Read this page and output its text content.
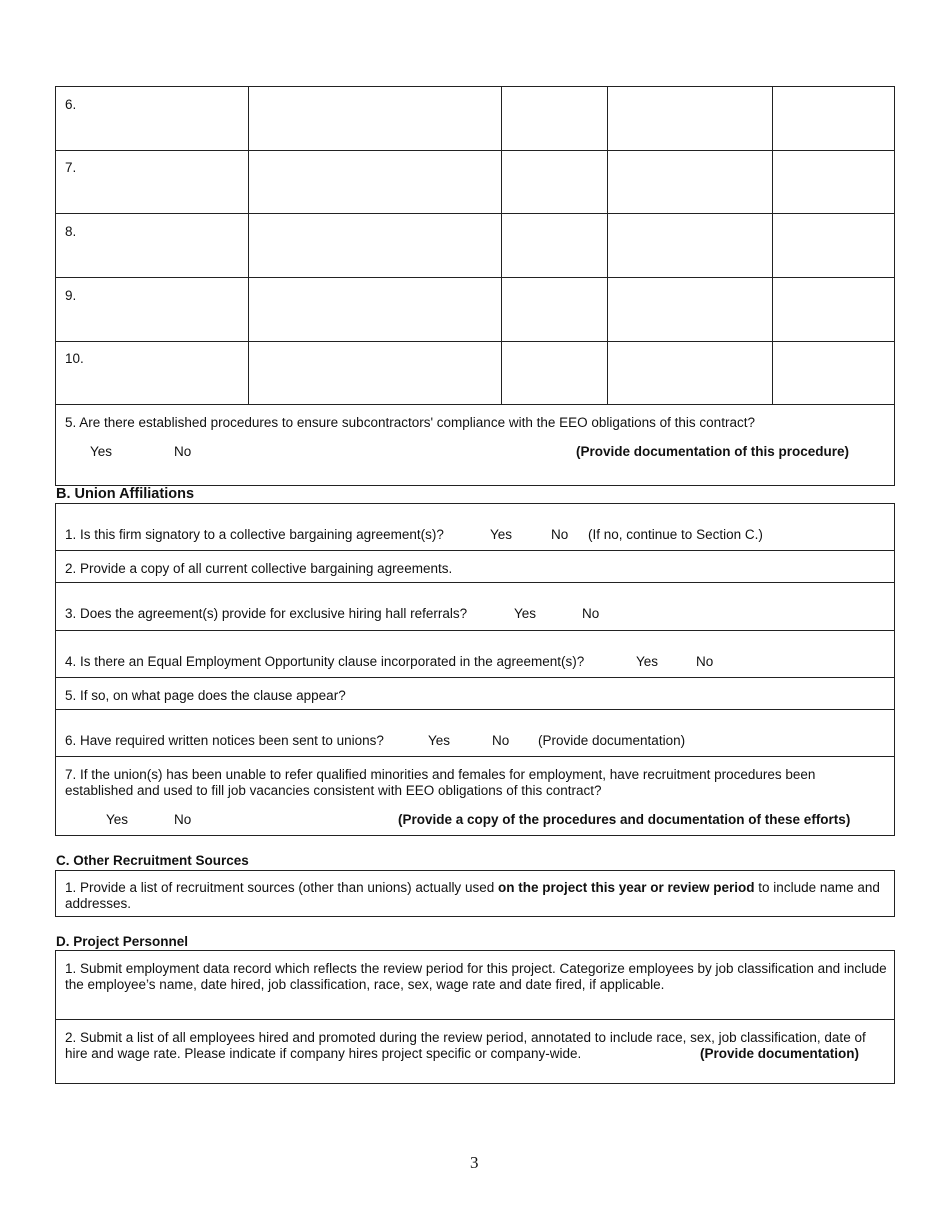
6.
7.
8.
9.
10.
5. Are there established procedures to ensure subcontractors' compliance with the EEO obligations of this contract?
Yes	No	(Provide documentation of this procedure)
B. Union Affiliations
1. Is this firm signatory to a collective bargaining agreement(s)?	Yes	No (If no, continue to Section C.)
2. Provide a copy of all current collective bargaining agreements.
3. Does the agreement(s) provide for exclusive hiring hall referrals?	Yes	No
4. Is there an Equal Employment Opportunity clause incorporated in the agreement(s)?	Yes	No
5. If so, on what page does the clause appear?
6. Have required written notices been sent to unions?	Yes	No (Provide documentation)
7. If the union(s) has been unable to refer qualified minorities and females for employment, have recruitment procedures been established and used to fill job vacancies consistent with EEO obligations of this contract?
Yes	No	(Provide a copy of the procedures and documentation of these efforts)
C. Other Recruitment Sources
1. Provide a list of recruitment sources (other than unions) actually used on the project this year or review period to include name and addresses.
D. Project Personnel
1. Submit employment data record which reflects the review period for this project. Categorize employees by job classification and include the employee’s name, date hired, job classification, race, sex, wage rate and date fired, if applicable.
2. Submit a list of all employees hired and promoted during the review period, annotated to include race, sex, job classification, date of hire and wage rate. Please indicate if company hires project specific or company-wide.	(Provide documentation)
3
